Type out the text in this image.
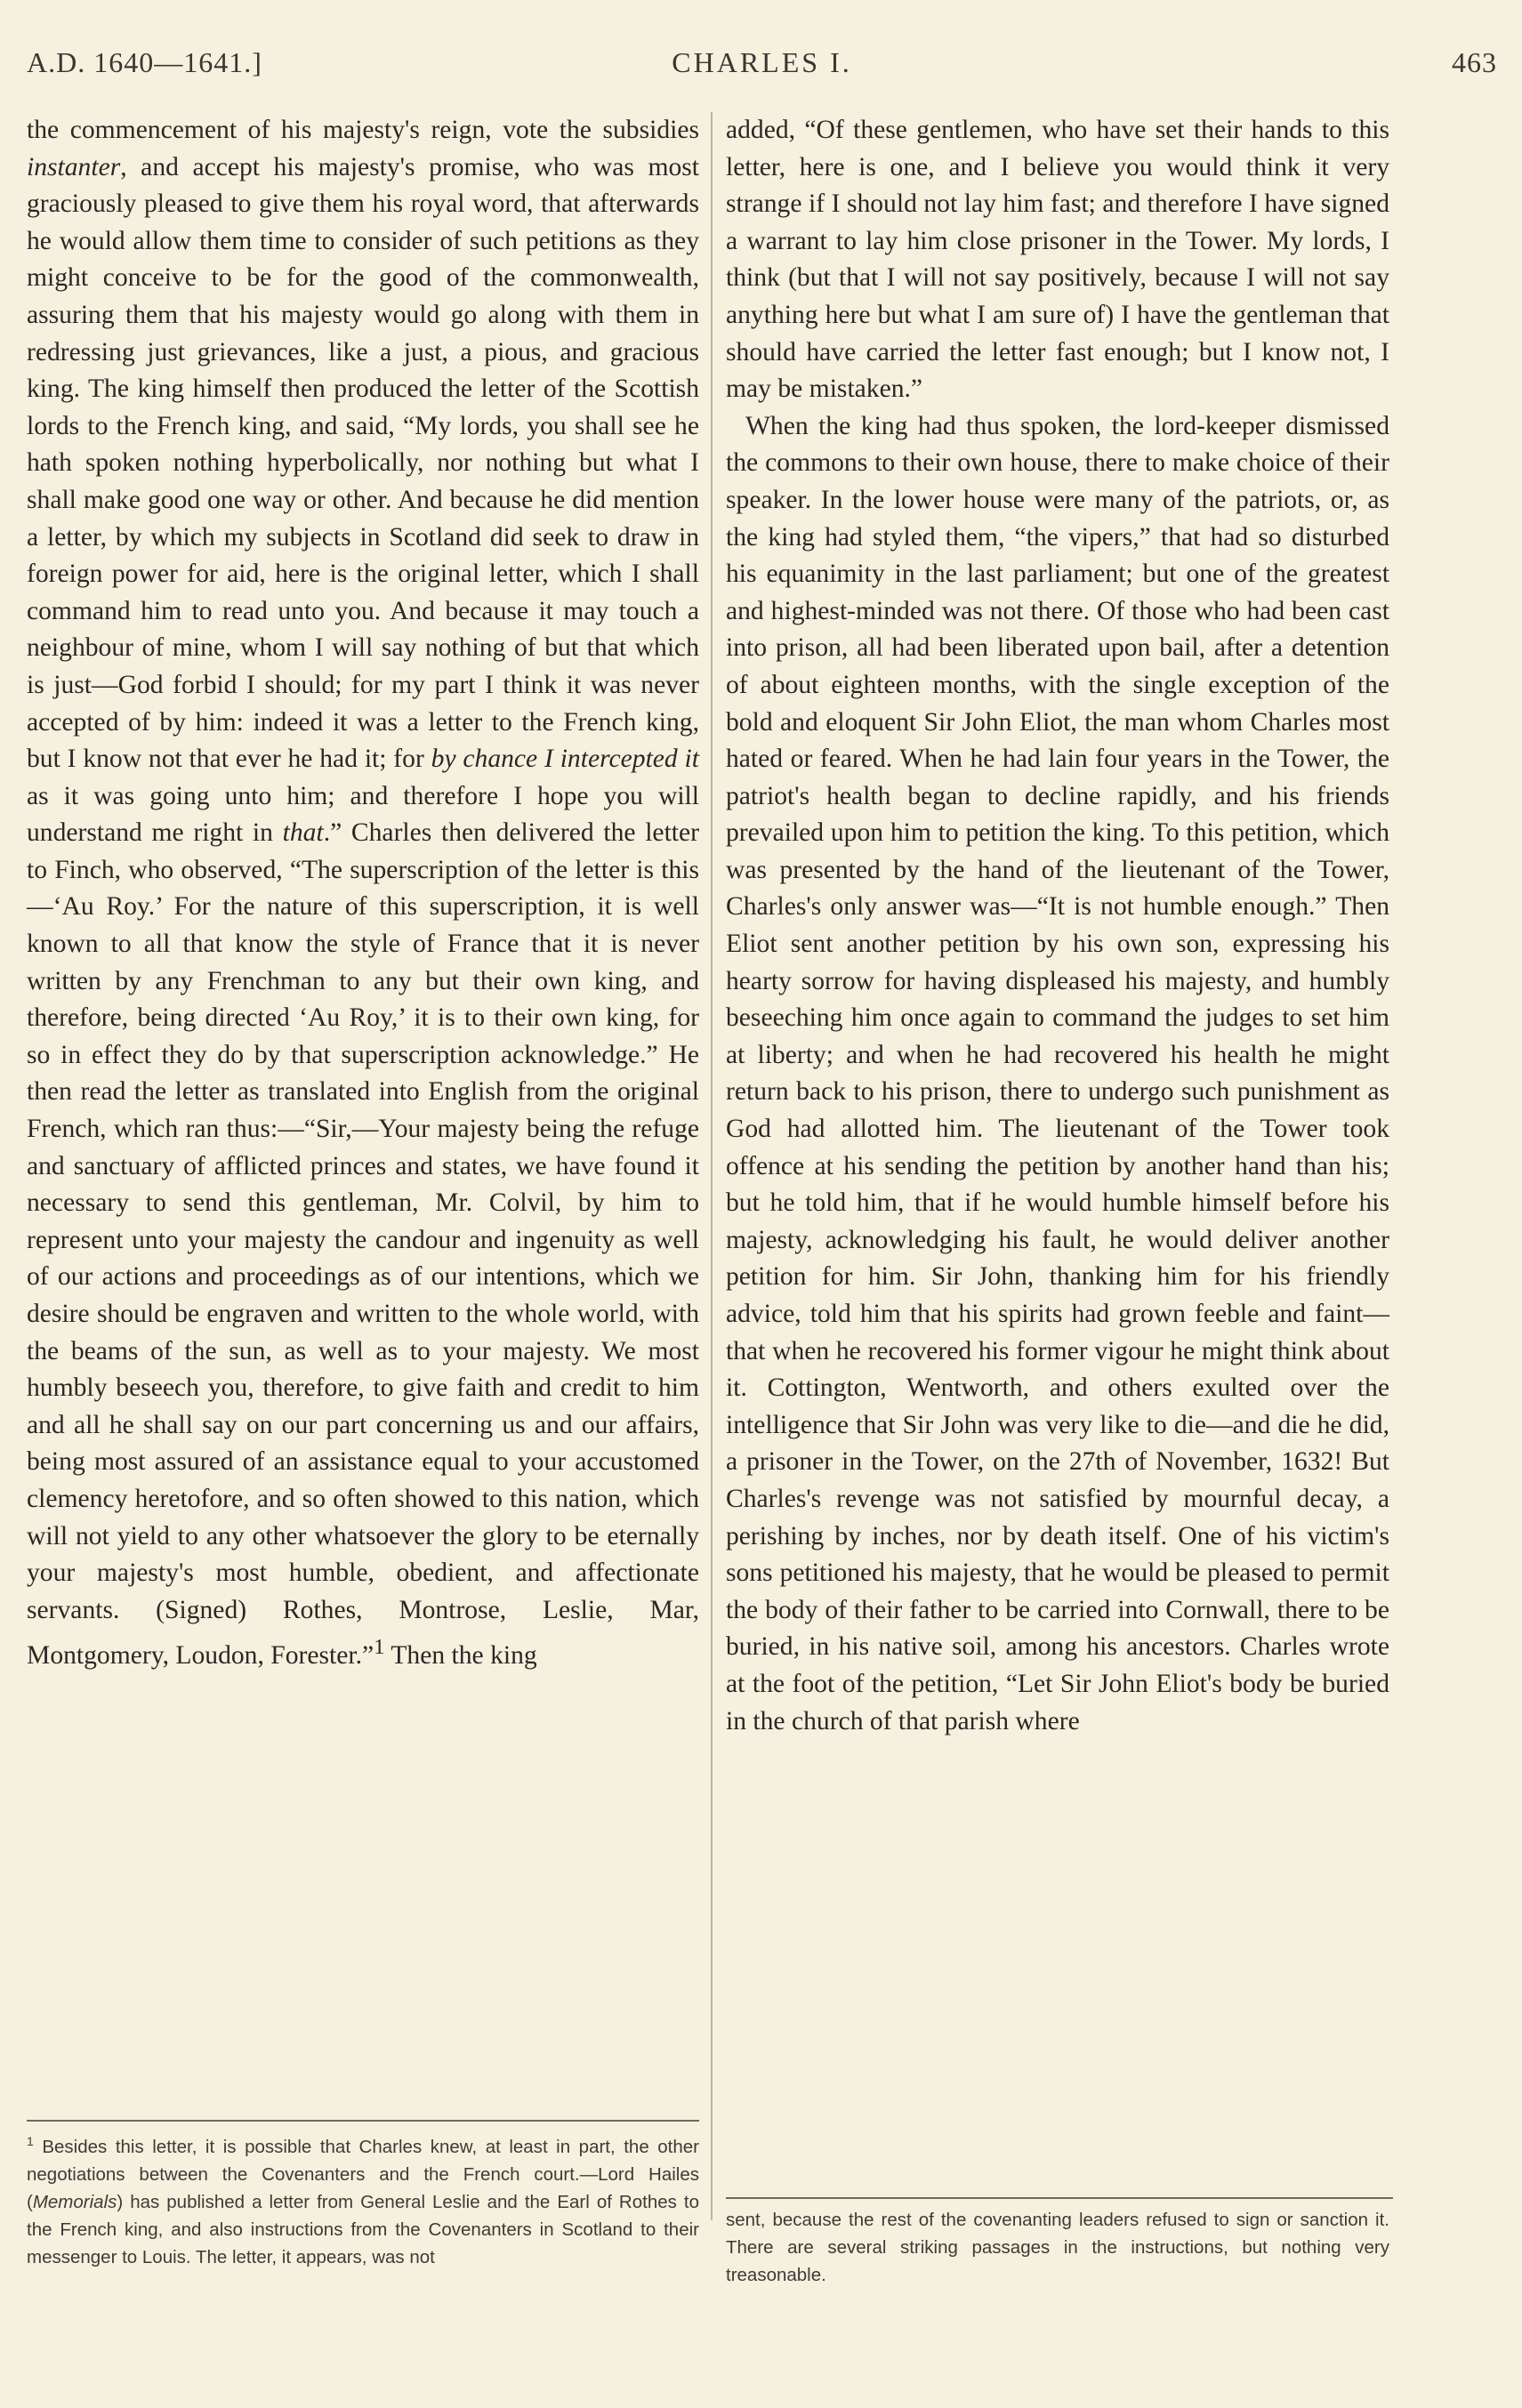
A.D. 1640—1641.]	CHARLES I.	463

the commencement of his majesty's reign, vote the subsidies instanter, and accept his majesty's promise, who was most graciously pleased to give them his royal word, that afterwards he would allow them time to consider of such petitions as they might conceive to be for the good of the commonwealth, assuring them that his majesty would go along with them in redressing just grievances, like a just, a pious, and gracious king. The king himself then produced the letter of the Scottish lords to the French king, and said, “My lords, you shall see he hath spoken nothing hyperbolically, nor nothing but what I shall make good one way or other. And because he did mention a letter, by which my subjects in Scotland did seek to draw in foreign power for aid, here is the original letter, which I shall command him to read unto you. And because it may touch a neighbour of mine, whom I will say nothing of but that which is just—God forbid I should; for my part I think it was never accepted of by him: indeed it was a letter to the French king, but I know not that ever he had it; for by chance I intercepted it as it was going unto him; and therefore I hope you will understand me right in that.” Charles then delivered the letter to Finch, who observed, “The superscription of the letter is this—‘Au Roy.’ For the nature of this superscription, it is well known to all that know the style of France that it is never written by any Frenchman to any but their own king, and therefore, being directed ‘Au Roy,’ it is to their own king, for so in effect they do by that superscription acknowledge.” He then read the letter as translated into English from the original French, which ran thus:—“Sir,—Your majesty being the refuge and sanctuary of afflicted princes and states, we have found it necessary to send this gentleman, Mr. Colvil, by him to represent unto your majesty the candour and ingenuity as well of our actions and proceedings as of our intentions, which we desire should be engraven and written to the whole world, with the beams of the sun, as well as to your majesty. We most humbly beseech you, therefore, to give faith and credit to him and all he shall say on our part concerning us and our affairs, being most assured of an assistance equal to your accustomed clemency heretofore, and so often showed to this nation, which will not yield to any other whatsoever the glory to be eternally your majesty's most humble, obedient, and affectionate servants. (Signed) Rothes, Montrose, Leslie, Mar, Montgomery, Loudon, Forester.”$^1$ Then the king

added, “Of these gentlemen, who have set their hands to this letter, here is one, and I believe you would think it very strange if I should not lay him fast; and therefore I have signed a warrant to lay him close prisoner in the Tower. My lords, I think (but that I will not say positively, because I will not say anything here but what I am sure of) I have the gentleman that should have carried the letter fast enough; but I know not, I may be mistaken.”

When the king had thus spoken, the lord-keeper dismissed the commons to their own house, there to make choice of their speaker. In the lower house were many of the patriots, or, as the king had styled them, “the vipers,” that had so disturbed his equanimity in the last parliament; but one of the greatest and highest-minded was not there. Of those who had been cast into prison, all had been liberated upon bail, after a detention of about eighteen months, with the single exception of the bold and eloquent Sir John Eliot, the man whom Charles most hated or feared. When he had lain four years in the Tower, the patriot's health began to decline rapidly, and his friends prevailed upon him to petition the king. To this petition, which was presented by the hand of the lieutenant of the Tower, Charles's only answer was—“It is not humble enough.” Then Eliot sent another petition by his own son, expressing his hearty sorrow for having displeased his majesty, and humbly beseeching him once again to command the judges to set him at liberty; and when he had recovered his health he might return back to his prison, there to undergo such punishment as God had allotted him. The lieutenant of the Tower took offence at his sending the petition by another hand than his; but he told him, that if he would humble himself before his majesty, acknowledging his fault, he would deliver another petition for him. Sir John, thanking him for his friendly advice, told him that his spirits had grown feeble and faint—that when he recovered his former vigour he might think about it. Cottington, Wentworth, and others exulted over the intelligence that Sir John was very like to die—and die he did, a prisoner in the Tower, on the 27th of November, 1632! But Charles's revenge was not satisfied by mournful decay, a perishing by inches, nor by death itself. One of his victim's sons petitioned his majesty, that he would be pleased to permit the body of their father to be carried into Cornwall, there to be buried, in his native soil, among his ancestors. Charles wrote at the foot of the petition, “Let Sir John Eliot's body be buried in the church of that parish where

$^1$ Besides this letter, it is possible that Charles knew, at least in part, the other negotiations between the Covenanters and the French court.—Lord Hailes (Memorials) has published a letter from General Leslie and the Earl of Rothes to the French king, and also instructions from the Covenanters in Scotland to their messenger to Louis. The letter, it appears, was not
sent, because the rest of the covenanting leaders refused to sign or sanction it. There are several striking passages in the instructions, but nothing very treasonable.
